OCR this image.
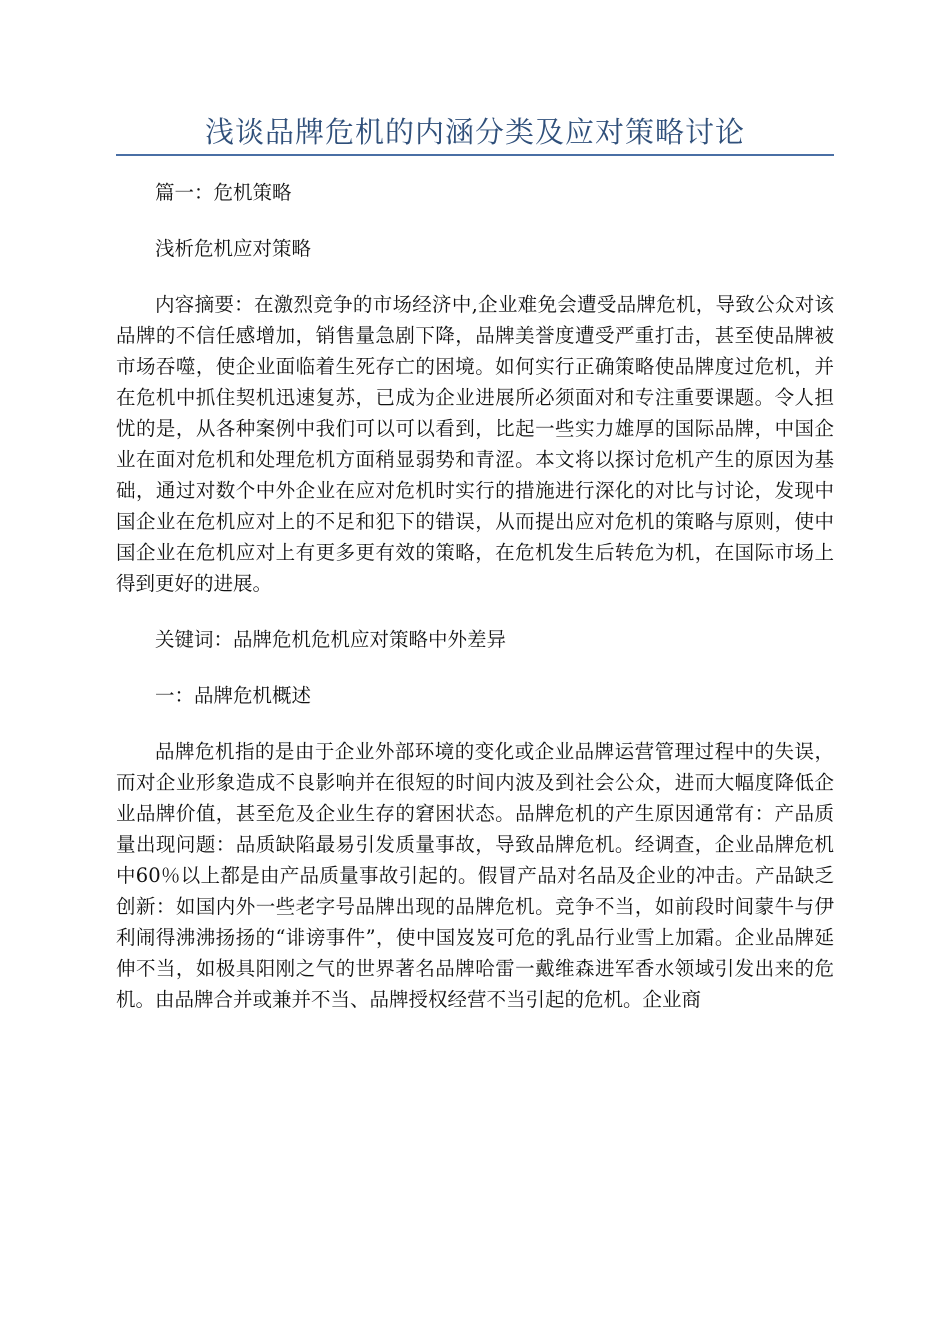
浅谈品牌危机的内涵分类及应对策略讨论

篇一：危机策略

浅析危机应对策略

内容摘要：在激烈竞争的市场经济中,企业难免会遭受品牌危机，导致公众对该品牌的不信任感增加，销售量急剧下降，品牌美誉度遭受严重打击，甚至使品牌被市场吞噬，使企业面临着生死存亡的困境。如何实行正确策略使品牌度过危机，并在危机中抓住契机迅速复苏，已成为企业进展所必须面对和专注重要课题。令人担忧的是，从各种案例中我们可以可以看到，比起一些实力雄厚的国际品牌，中国企业在面对危机和处理危机方面稍显弱势和青涩。本文将以探讨危机产生的原因为基础，通过对数个中外企业在应对危机时实行的措施进行深化的对比与讨论，发现中国企业在危机应对上的不足和犯下的错误，从而提出应对危机的策略与原则，使中国企业在危机应对上有更多更有效的策略，在危机发生后转危为机，在国际市场上得到更好的进展。

关键词：品牌危机危机应对策略中外差异

一：品牌危机概述

品牌危机指的是由于企业外部环境的变化或企业品牌运营管理过程中的失误，而对企业形象造成不良影响并在很短的时间内波及到社会公众，进而大幅度降低企业品牌价值，甚至危及企业生存的窘困状态。品牌危机的产生原因通常有：产品质量出现问题：品质缺陷最易引发质量事故，导致品牌危机。经调查，企业品牌危机中60％以上都是由产品质量事故引起的。假冒产品对名品及企业的冲击。产品缺乏创新：如国内外一些老字号品牌出现的品牌危机。竞争不当，如前段时间蒙牛与伊利闹得沸沸扬扬的“诽谤事件”，使中国岌岌可危的乳品行业雪上加霜。企业品牌延伸不当，如极具阳刚之气的世界著名品牌哈雷一戴维森进军香水领域引发出来的危机。由品牌合并或兼并不当、品牌授权经营不当引起的危机。企业商
